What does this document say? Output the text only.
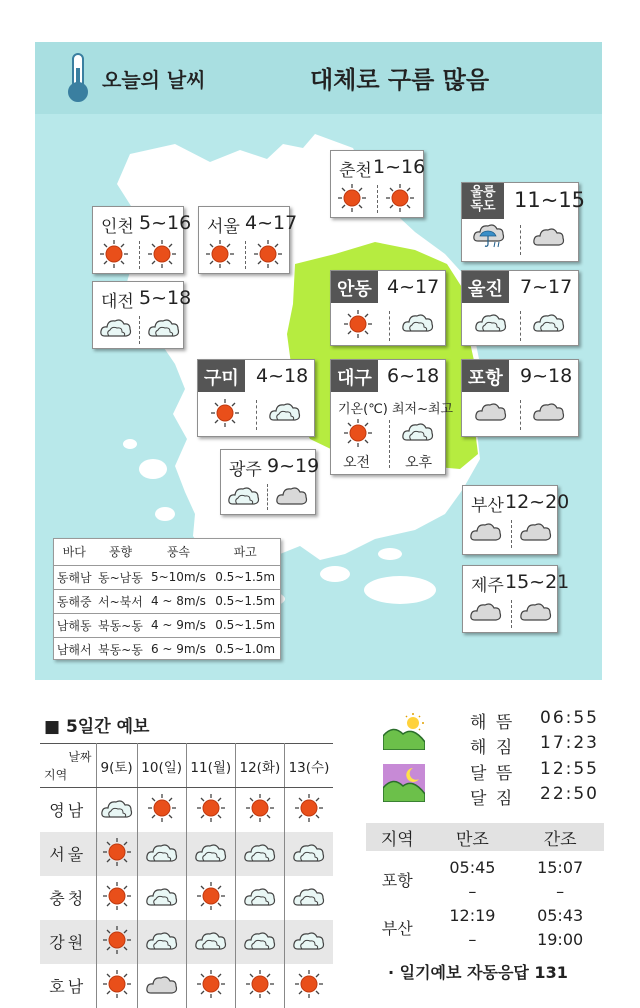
오늘의 날씨	대체로 구름 많음
춘천 1~16
인천 5~16 서울 4~17
울릉
독도 11~15
대전 5~18	안동 4~17	울진 7~17
구미 4~18	대구 6~18
기온(℃) 최저~최고
오전 오후
포항 9~18
광주 9~19
부산 12~20
제주 15~21
바다	풍향	풍속	파고
동해남	동~남동	5~10m/s	0.5~1.5m
동해중	서~북서	4 ~ 8m/s	0.5~1.5m
남해동	북동~동	4 ~ 9m/s	0.5~1.5m
남해서	북동~동	6 ~ 9m/s	0.5~1.0m
■ 5일간 예보
날짜
지역	9(토)	10(일)	11(월)	12(화)	13(수)
영남					
서울					
충청					
강원					
호남					
해 뜸 06:55
해 짐 17:23
달 뜸 12:55
달 짐 22:50
지역	만조	간조

포항	05:45	15:07
	–	–
부산	12:19	05:43
	–	19:00
· 일기예보 자동응답 131
